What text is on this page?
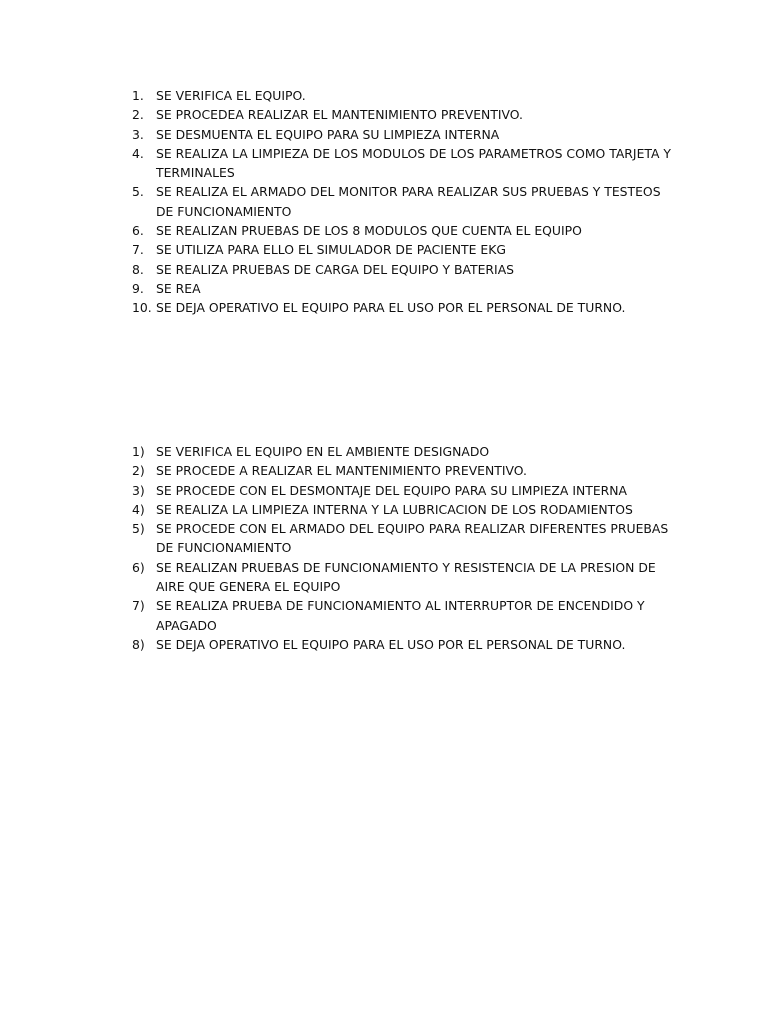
1. SE VERIFICA EL EQUIPO.
2. SE PROCEDEA REALIZAR EL MANTENIMIENTO PREVENTIVO.
3. SE DESMUENTA EL EQUIPO PARA SU LIMPIEZA INTERNA
4. SE REALIZA LA LIMPIEZA DE LOS MODULOS DE LOS PARAMETROS COMO TARJETA Y TERMINALES
5. SE REALIZA EL ARMADO DEL MONITOR PARA REALIZAR SUS PRUEBAS Y TESTEOS DE FUNCIONAMIENTO
6. SE REALIZAN PRUEBAS DE LOS 8 MODULOS QUE CUENTA EL EQUIPO
7. SE UTILIZA PARA ELLO EL SIMULADOR DE PACIENTE EKG
8. SE REALIZA PRUEBAS DE CARGA DEL EQUIPO Y BATERIAS
9. SE REA
10. SE DEJA OPERATIVO EL EQUIPO PARA EL USO POR EL PERSONAL DE TURNO.
1) SE VERIFICA EL EQUIPO EN EL AMBIENTE DESIGNADO
2) SE PROCEDE A REALIZAR EL MANTENIMIENTO PREVENTIVO.
3) SE PROCEDE CON EL DESMONTAJE DEL EQUIPO PARA SU LIMPIEZA INTERNA
4) SE REALIZA LA LIMPIEZA INTERNA Y LA LUBRICACION DE LOS RODAMIENTOS
5) SE PROCEDE CON EL ARMADO DEL EQUIPO PARA REALIZAR DIFERENTES PRUEBAS DE FUNCIONAMIENTO
6) SE REALIZAN PRUEBAS DE FUNCIONAMIENTO Y RESISTENCIA DE LA PRESION DE AIRE QUE GENERA EL EQUIPO
7) SE REALIZA PRUEBA DE FUNCIONAMIENTO AL INTERRUPTOR DE ENCENDIDO Y APAGADO
8) SE DEJA OPERATIVO EL EQUIPO PARA EL USO POR EL PERSONAL DE TURNO.
